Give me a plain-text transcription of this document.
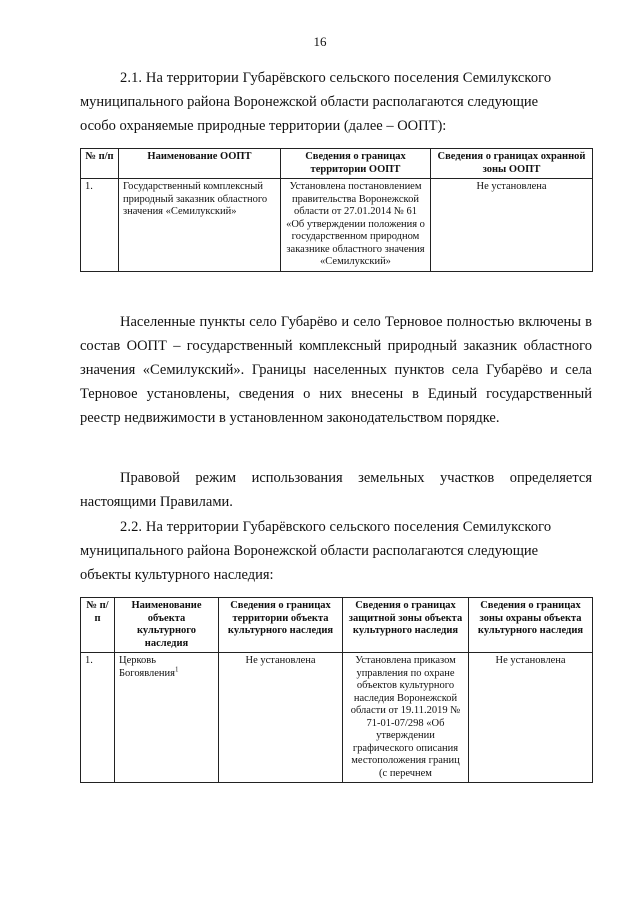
16

2.1. На территории Губарёвского сельского поселения Семилукского

муниципального района Воронежской области располагаются следующие

особо охраняемые природные территории (далее – ООПТ):

№ п/п	Наименование ООПТ	Сведения о границах территории ООПТ	Сведения о границах охранной зоны ООПТ
1.	Государственный комплексный природный заказник областного значения «Семилукский»	Установлена постановлением правительства Воронежской области от 27.01.2014 № 61 «Об утверждении положения о государственном природном заказнике областного значения «Семилукский»	Не установлена

Населенные пункты село Губарёво и село Терновое полностью включены в состав ООПТ – государственный комплексный природный заказник областного значения «Семилукский». Границы населенных пунктов села Губарёво и села Терновое установлены, сведения о них внесены в Единый государственный реестр недвижимости в установленном законодательством порядке.

Правовой режим использования земельных участков определяется настоящими Правилами.

2.2. На территории Губарёвского сельского поселения Семилукского

муниципального района Воронежской области располагаются следующие

объекты культурного наследия:

№ п/п	Наименование объекта культурного наследия	Сведения о границах территории объекта культурного наследия	Сведения о границах защитной зоны объекта культурного наследия	Сведения о границах зоны охраны объекта культурного наследия
1.	Церковь Богоявления$^1$	Не установлена	Установлена приказом управления по охране объектов культурного наследия Воронежской области от 19.11.2019 № 71-01-07/298 «Об утверждении графического описания местоположения границ (с перечнем	Не установлена
